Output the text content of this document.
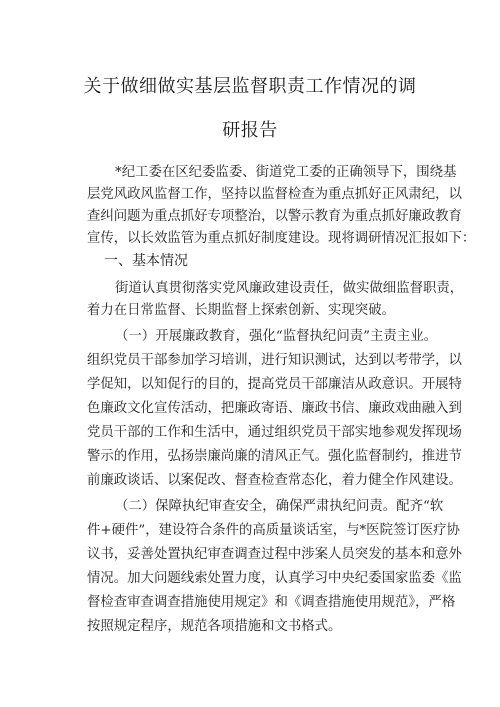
关于做细做实基层监督职责工作情况的调
研报告
*纪工委在区纪委监委、街道党工委的正确领导下，围绕基
层党风政风监督工作，坚持以监督检查为重点抓好正风肃纪，以
查纠问题为重点抓好专项整治，以警示教育为重点抓好廉政教育
宣传，以长效监管为重点抓好制度建设。现将调研情况汇报如下：
一、基本情况
街道认真贯彻落实党风廉政建设责任，做实做细监督职责，
着力在日常监督、长期监督上探索创新、实现突破。
（一）开展廉政教育，强化“监督执纪问责”主责主业。
组织党员干部参加学习培训，进行知识测试，达到以考带学，以
学促知，以知促行的目的，提高党员干部廉洁从政意识。开展特
色廉政文化宣传活动，把廉政寄语、廉政书信、廉政戏曲融入到
党员干部的工作和生活中，通过组织党员干部实地参观发挥现场
警示的作用，弘扬崇廉尚廉的清风正气。强化监督制约，推进节
前廉政谈话、以案促改、督查检查常态化，着力健全作风建设。
（二）保障执纪审查安全，确保严肃执纪问责。配齐“软
件+硬件”，建设符合条件的高质量谈话室，与*医院签订医疗协
议书，妥善处置执纪审查调查过程中涉案人员突发的基本和意外
情况。加大问题线索处置力度，认真学习中央纪委国家监委《监
督检查审查调查措施使用规定》和《调查措施使用规范》，严格
按照规定程序，规范各项措施和文书格式。
